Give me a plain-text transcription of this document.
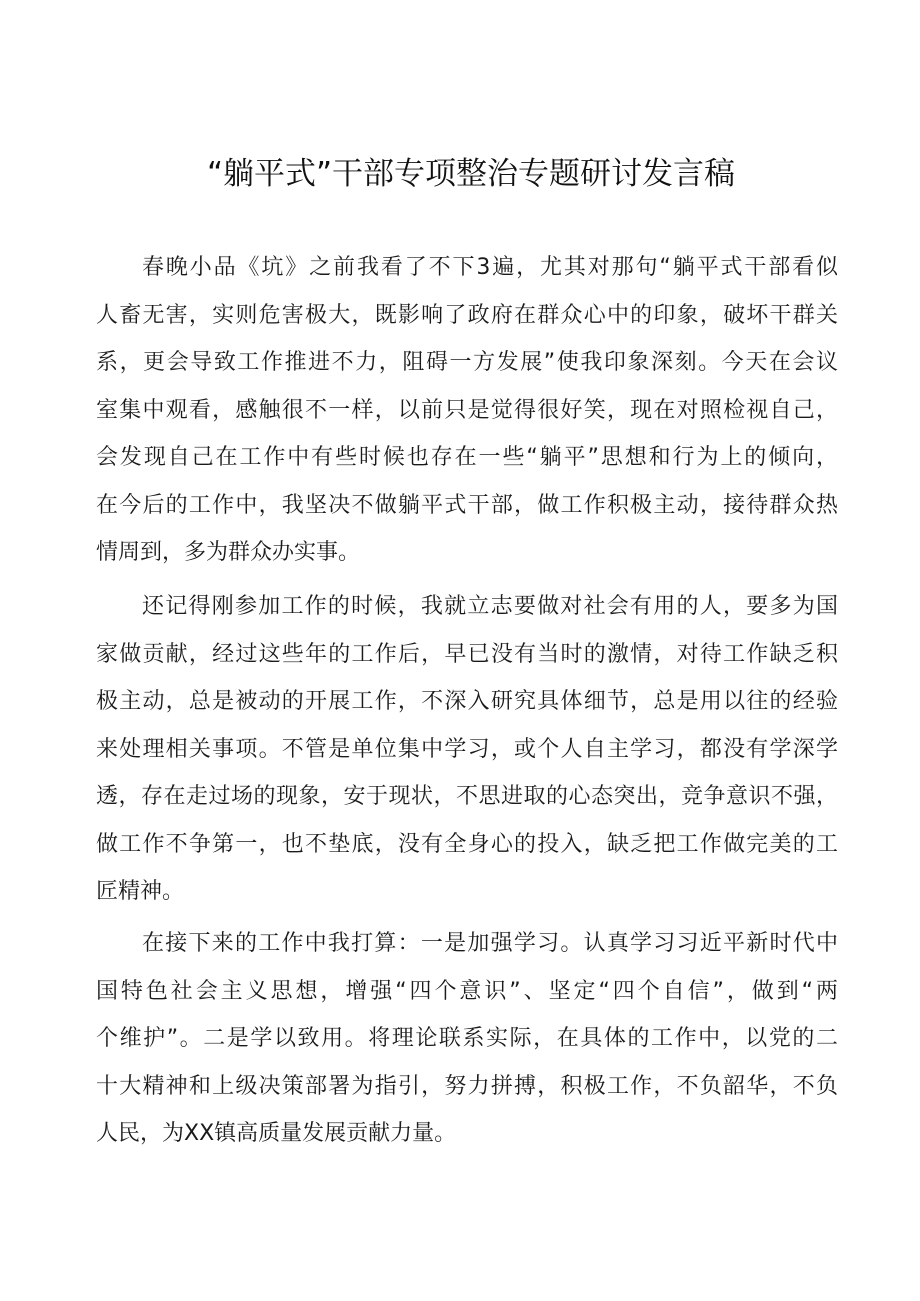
“躺平式”干部专项整治专题研讨发言稿
春晚小品《坑》之前我看了不下3遍，尤其对那句“躺平式干部看似
人畜无害，实则危害极大，既影响了政府在群众心中的印象，破坏干群关
系，更会导致工作推进不力，阻碍一方发展”使我印象深刻。今天在会议
室集中观看，感触很不一样，以前只是觉得很好笑，现在对照检视自己，
会发现自己在工作中有些时候也存在一些“躺平”思想和行为上的倾向，
在今后的工作中，我坚决不做躺平式干部，做工作积极主动，接待群众热
情周到，多为群众办实事。
还记得刚参加工作的时候，我就立志要做对社会有用的人，要多为国
家做贡献，经过这些年的工作后，早已没有当时的激情，对待工作缺乏积
极主动，总是被动的开展工作，不深入研究具体细节，总是用以往的经验
来处理相关事项。不管是单位集中学习，或个人自主学习，都没有学深学
透，存在走过场的现象，安于现状，不思进取的心态突出，竞争意识不强，
做工作不争第一，也不垫底，没有全身心的投入，缺乏把工作做完美的工
匠精神。
在接下来的工作中我打算：一是加强学习。认真学习习近平新时代中
国特色社会主义思想，增强“四个意识”、坚定“四个自信”，做到“两
个维护”。二是学以致用。将理论联系实际，在具体的工作中，以党的二
十大精神和上级决策部署为指引，努力拼搏，积极工作，不负韶华，不负
人民，为XX镇高质量发展贡献力量。
